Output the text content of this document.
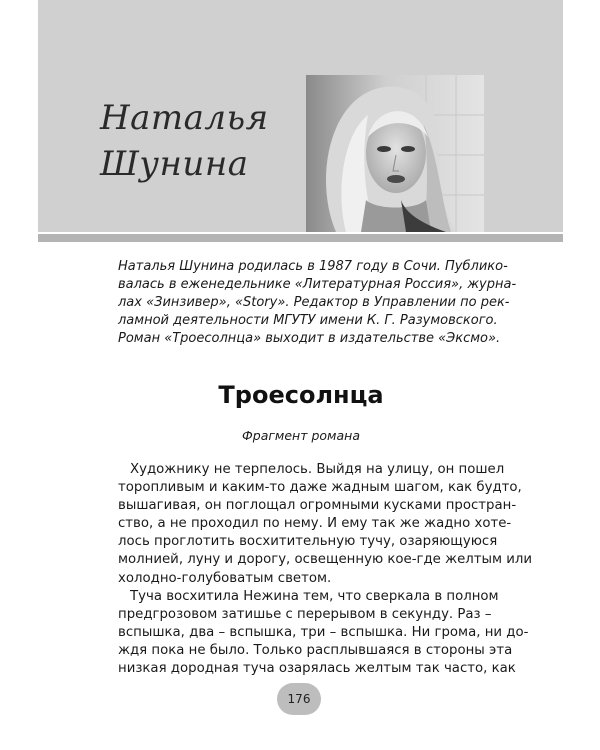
Наталья
Шунина
Наталья Шунина родилась в 1987 году в Сочи. Публико-
валась в еженедельнике «Литературная Россия», журна-
лах «Зинзивер», «Story». Редактор в Управлении по рек-
ламной деятельности МГУТУ имени К. Г. Разумовского.
Роман «Троесолнца» выходит в издательстве «Эксмо».
Троесолнца
Фрагмент романа
Художнику не терпелось. Выйдя на улицу, он пошел
торопливым и каким-то даже жадным шагом, как будто,
вышагивая, он поглощал огромными кусками простран-
ство, а не проходил по нему. И ему так же жадно хоте-
лось проглотить восхитительную тучу, озаряющуюся
молнией, луну и дорогу, освещенную кое-где желтым или
холодно-голубоватым светом.
Туча восхитила Нежина тем, что сверкала в полном
предгрозовом затишье с перерывом в секунду. Раз –
вспышка, два – вспышка, три – вспышка. Ни грома, ни до-
ждя пока не было. Только расплывшаяся в стороны эта
низкая дородная туча озарялась желтым так часто, как
176
